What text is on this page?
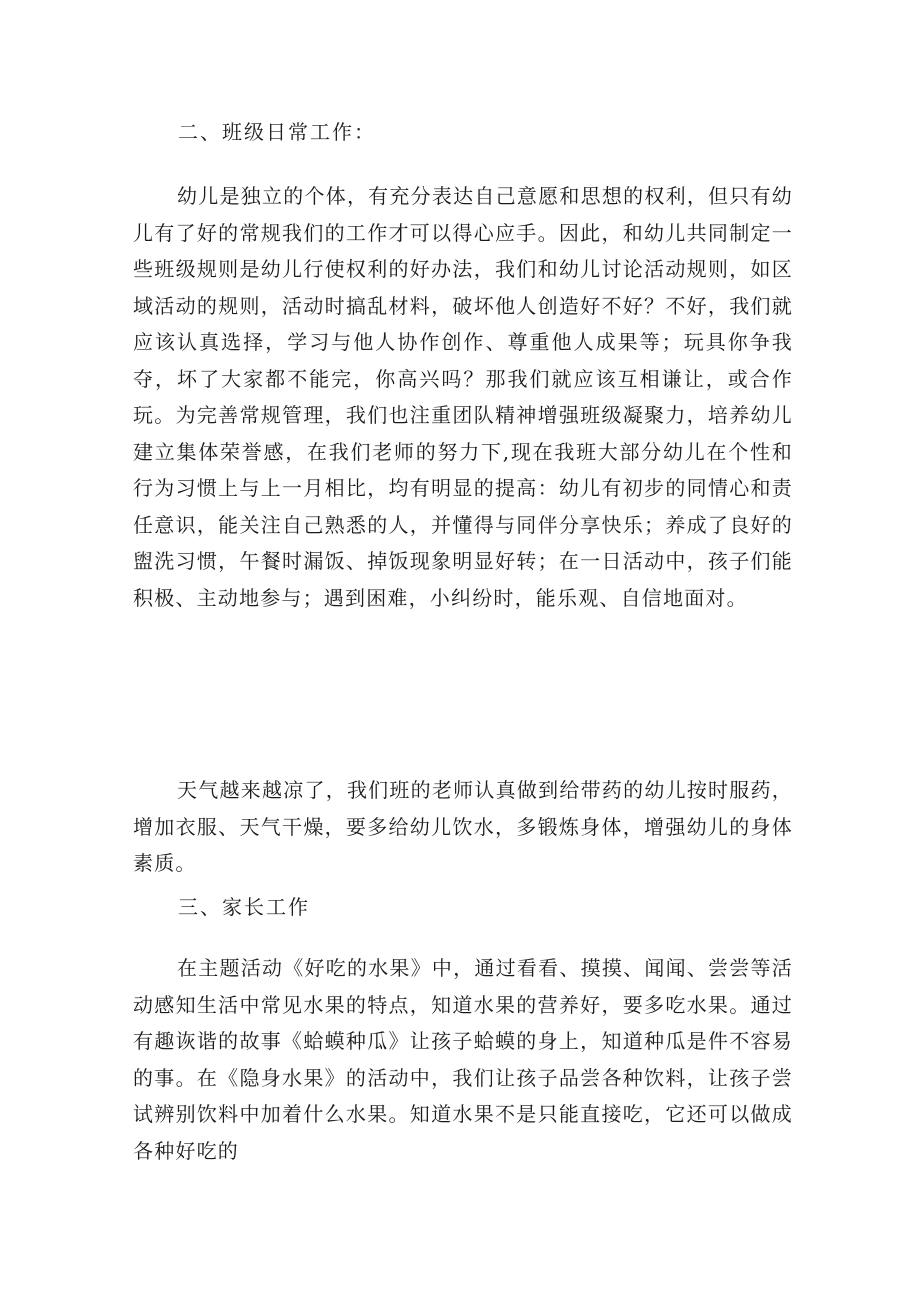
二、班级日常工作：

幼儿是独立的个体，有充分表达自己意愿和思想的权利，但只有幼儿有了好的常规我们的工作才可以得心应手。因此，和幼儿共同制定一些班级规则是幼儿行使权利的好办法，我们和幼儿讨论活动规则，如区域活动的规则，活动时搞乱材料，破坏他人创造好不好？不好，我们就应该认真选择，学习与他人协作创作、尊重他人成果等；玩具你争我夺，坏了大家都不能完，你高兴吗？那我们就应该互相谦让，或合作玩。为完善常规管理，我们也注重团队精神增强班级凝聚力，培养幼儿建立集体荣誉感，在我们老师的努力下,现在我班大部分幼儿在个性和行为习惯上与上一月相比，均有明显的提高：幼儿有初步的同情心和责任意识，能关注自己熟悉的人，并懂得与同伴分享快乐；养成了良好的盥洗习惯，午餐时漏饭、掉饭现象明显好转；在一日活动中，孩子们能积极、主动地参与；遇到困难，小纠纷时，能乐观、自信地面对。

天气越来越凉了，我们班的老师认真做到给带药的幼儿按时服药，增加衣服、天气干燥，要多给幼儿饮水，多锻炼身体，增强幼儿的身体素质。

三、家长工作

在主题活动《好吃的水果》中，通过看看、摸摸、闻闻、尝尝等活动感知生活中常见水果的特点，知道水果的营养好，要多吃水果。通过有趣诙谐的故事《蛤蟆种瓜》让孩子蛤蟆的身上，知道种瓜是件不容易的事。在《隐身水果》的活动中，我们让孩子品尝各种饮料，让孩子尝试辨别饮料中加着什么水果。知道水果不是只能直接吃，它还可以做成各种好吃的
